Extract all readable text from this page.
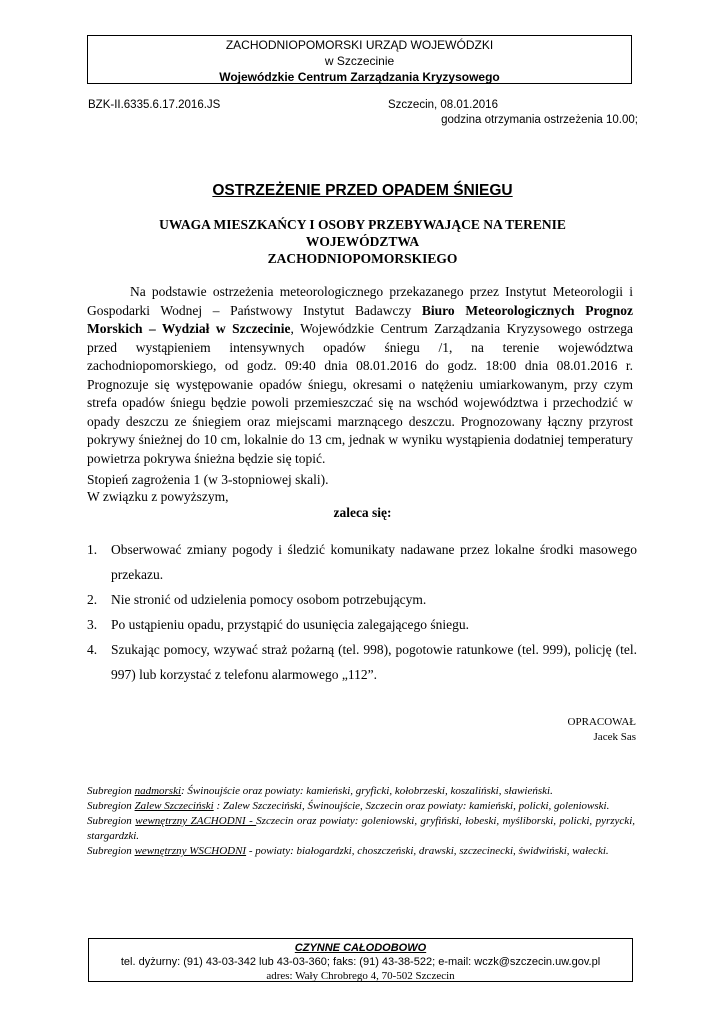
ZACHODNIOPOMORSKI URZĄD WOJEWÓDZKI
w Szczecinie
Wojewódzkie Centrum Zarządzania Kryzysowego
BZK-II.6335.6.17.2016.JS	Szczecin, 08.01.2016
godzina otrzymania ostrzeżenia 10.00;
OSTRZEŻENIE PRZED OPADEM ŚNIEGU
UWAGA MIESZKAŃCY I OSOBY PRZEBYWAJĄCE NA TERENIE
WOJEWÓDZTWA
ZACHODNIOPOMORSKIEGO

Na podstawie ostrzeżenia meteorologicznego przekazanego przez Instytut Meteorologii i Gospodarki Wodnej – Państwowy Instytut Badawczy Biuro Meteorologicznych Prognoz Morskich – Wydział w Szczecinie, Wojewódzkie Centrum Zarządzania Kryzysowego ostrzega przed wystąpieniem intensywnych opadów śniegu /1, na terenie województwa zachodniopomorskiego, od godz. 09:40 dnia 08.01.2016 do godz. 18:00 dnia 08.01.2016 r. Prognozuje się występowanie opadów śniegu, okresami o natężeniu umiarkowanym, przy czym strefa opadów śniegu będzie powoli przemieszczać się na wschód województwa i przechodzić w opady deszczu ze śniegiem oraz miejscami marznącego deszczu. Prognozowany łączny przyrost pokrywy śnieżnej do 10 cm, lokalnie do 13 cm, jednak w wyniku wystąpienia dodatniej temperatury powietrza pokrywa śnieżna będzie się topić.

Stopień zagrożenia 1 (w 3-stopniowej skali).
W związku z powyższym,
zaleca się:
1. Obserwować zmiany pogody i śledzić komunikaty nadawane przez lokalne środki masowego przekazu.
2. Nie stronić od udzielenia pomocy osobom potrzebującym.
3. Po ustąpieniu opadu, przystąpić do usunięcia zalegającego śniegu.
4. Szukając pomocy, wzywać straż pożarną (tel. 998), pogotowie ratunkowe (tel. 999), policję (tel. 997) lub korzystać z telefonu alarmowego „112”.
OPRACOWAŁ
Jacek Sas

Subregion nadmorski: Świnoujście oraz powiaty: kamieński, gryficki, kołobrzeski, koszaliński, sławieński.

Subregion Zalew Szczeciński : Zalew Szczeciński, Świnoujście, Szczecin oraz powiaty: kamieński, policki, goleniowski.

Subregion wewnętrzny ZACHODNI - Szczecin oraz powiaty: goleniowski, gryfiński, łobeski, myśliborski, policki, pyrzycki, stargardzki.

Subregion wewnętrzny WSCHODNI - powiaty: białogardzki, choszczeński, drawski, szczecinecki, świdwiński, wałecki.

CZYNNE CAŁODOBOWO
tel. dyżurny: (91) 43-03-342 lub 43-03-360; faks: (91) 43-38-522; e-mail: wczk@szczecin.uw.gov.pl
adres: Wały Chrobrego 4, 70-502 Szczecin
